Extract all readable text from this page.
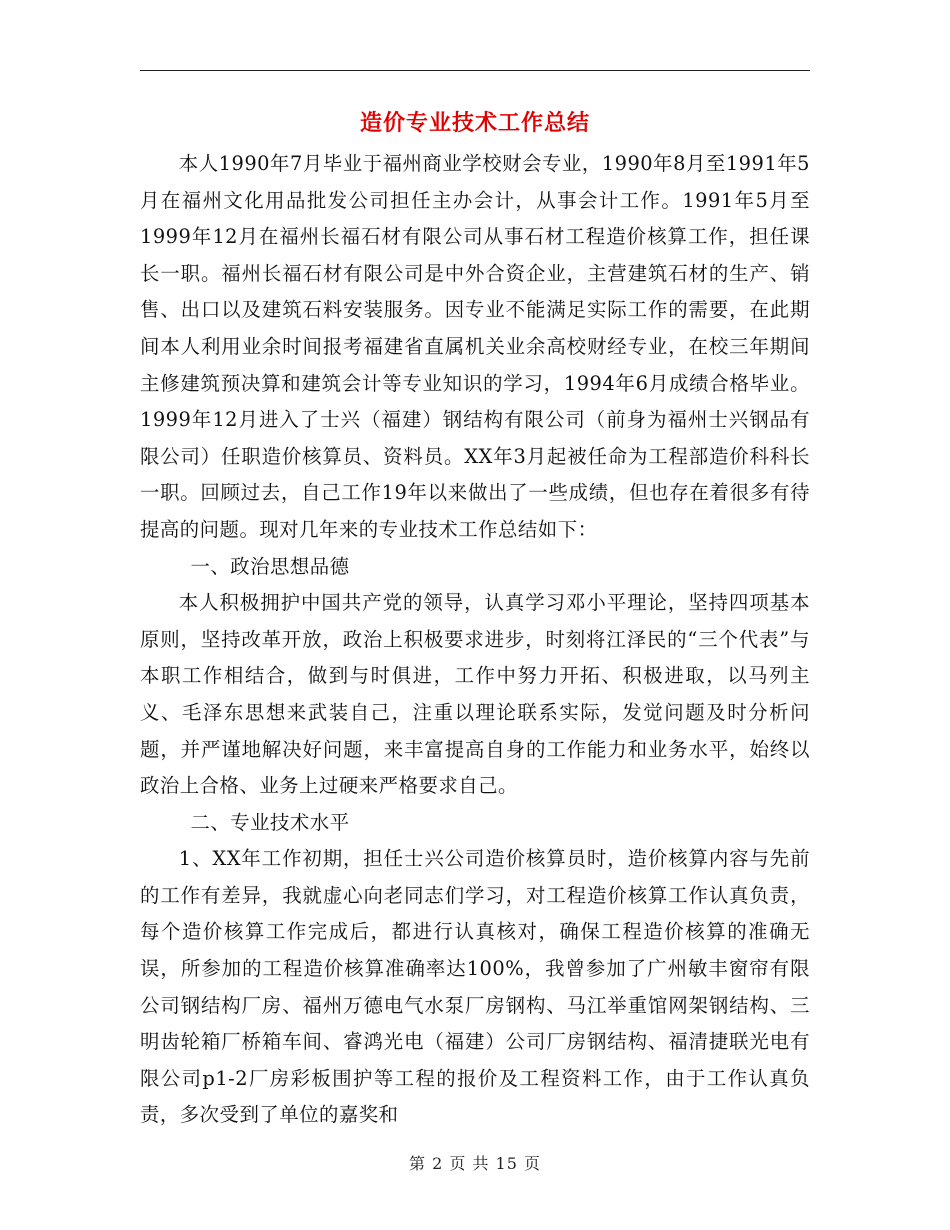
造价专业技术工作总结

本人1990年7月毕业于福州商业学校财会专业，1990年8月至1991年5月在福州文化用品批发公司担任主办会计，从事会计工作。1991年5月至1999年12月在福州长福石材有限公司从事石材工程造价核算工作，担任课长一职。福州长福石材有限公司是中外合资企业，主营建筑石材的生产、销售、出口以及建筑石料安装服务。因专业不能满足实际工作的需要，在此期间本人利用业余时间报考福建省直属机关业余高校财经专业，在校三年期间主修建筑预决算和建筑会计等专业知识的学习，1994年6月成绩合格毕业。1999年12月进入了士兴（福建）钢结构有限公司（前身为福州士兴钢品有限公司）任职造价核算员、资料员。XX年3月起被任命为工程部造价科科长一职。回顾过去，自己工作19年以来做出了一些成绩，但也存在着很多有待提高的问题。现对几年来的专业技术工作总结如下：

一、政治思想品德

本人积极拥护中国共产党的领导，认真学习邓小平理论，坚持四项基本原则，坚持改革开放，政治上积极要求进步，时刻将江泽民的“三个代表”与本职工作相结合，做到与时俱进，工作中努力开拓、积极进取，以马列主义、毛泽东思想来武装自己，注重以理论联系实际，发觉问题及时分析问题，并严谨地解决好问题，来丰富提高自身的工作能力和业务水平，始终以政治上合格、业务上过硬来严格要求自己。

二、专业技术水平

1、XX年工作初期，担任士兴公司造价核算员时，造价核算内容与先前的工作有差异，我就虚心向老同志们学习，对工程造价核算工作认真负责，每个造价核算工作完成后，都进行认真核对，确保工程造价核算的准确无误，所参加的工程造价核算准确率达100%，我曾参加了广州敏丰窗帘有限公司钢结构厂房、福州万德电气水泵厂房钢构、马江举重馆网架钢结构、三明齿轮箱厂桥箱车间、睿鸿光电（福建）公司厂房钢结构、福清捷联光电有限公司p1-2厂房彩板围护等工程的报价及工程资料工作，由于工作认真负责，多次受到了单位的嘉奖和

第 2 页 共 15 页
